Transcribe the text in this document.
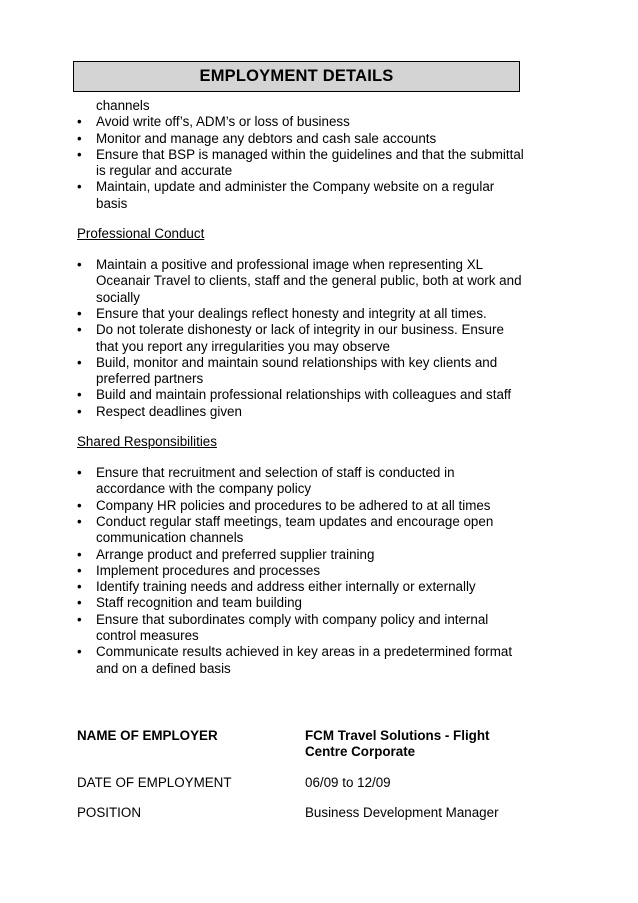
EMPLOYMENT DETAILS
channels
• Avoid write off’s, ADM’s or loss of business
• Monitor and manage any debtors and cash sale accounts
• Ensure that BSP is managed within the guidelines and that the submittal is regular and accurate
• Maintain, update and administer the Company website on a regular basis
Professional Conduct
• Maintain a positive and professional image when representing XL Oceanair Travel to clients, staff and the general public, both at work and socially
• Ensure that your dealings reflect honesty and integrity at all times.
• Do not tolerate dishonesty or lack of integrity in our business. Ensure that you report any irregularities you may observe
• Build, monitor and maintain sound relationships with key clients and preferred partners
• Build and maintain professional relationships with colleagues and staff
• Respect deadlines given
Shared Responsibilities
• Ensure that recruitment and selection of staff is conducted in accordance with the company policy
• Company HR policies and procedures to be adhered to at all times
• Conduct regular staff meetings, team updates and encourage open communication channels
• Arrange product and preferred supplier training
• Implement procedures and processes
• Identify training needs and address either internally or externally
• Staff recognition and team building
• Ensure that subordinates comply with company policy and internal control measures
• Communicate results achieved in key areas in a predetermined format and on a defined basis
NAME OF EMPLOYER	FCM Travel Solutions - Flight
Centre Corporate
DATE OF EMPLOYMENT	06/09 to 12/09
POSITION	Business Development Manager
